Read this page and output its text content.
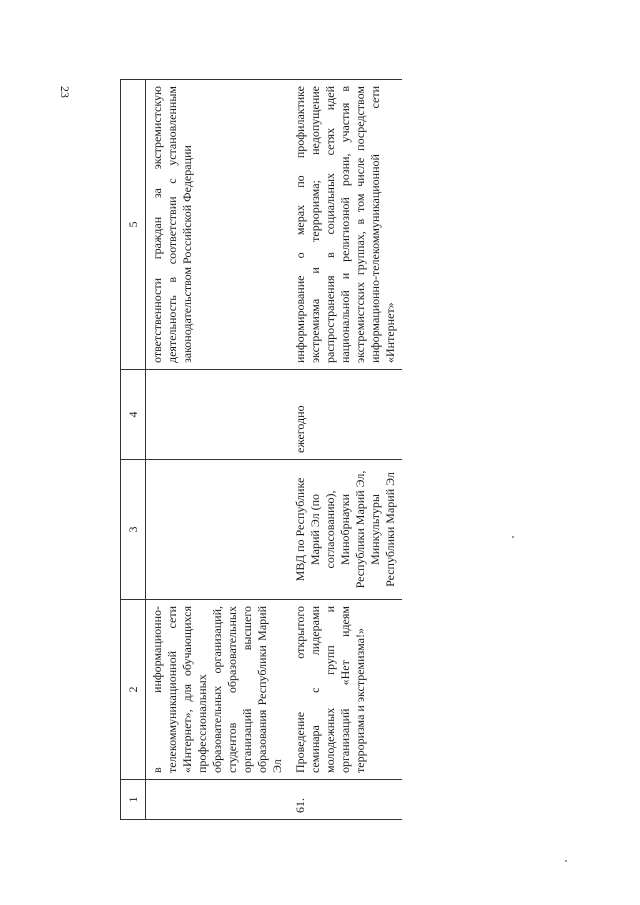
23
1	2	3	4	5
	в информационно-телекоммуникационной сети «Интернет», для обучающихся профессиональных образовательных организаций, студентов образовательных организаций высшего образования Республики Марий Эл			ответственности граждан за экстремистскую деятельность в соответствии с установленным законодательством Российской Федерации
61.	Проведение открытого семинара с лидерами молодежных групп и организаций «Нет идеям терроризма и экстремизма!»	МВД по Республике Марий Эл (по согласованию), Минобрнауки Республики Марий Эл, Минкультуры Республики Марий Эл	ежегодно	информирование о мерах по профилактике экстремизма и терроризма; недопущение распространения в социальных сетях идей национальной и религиозной розни, участия в экстремистских группах, в том числе посредством информационно-телекоммуникационной сети «Интернет»
